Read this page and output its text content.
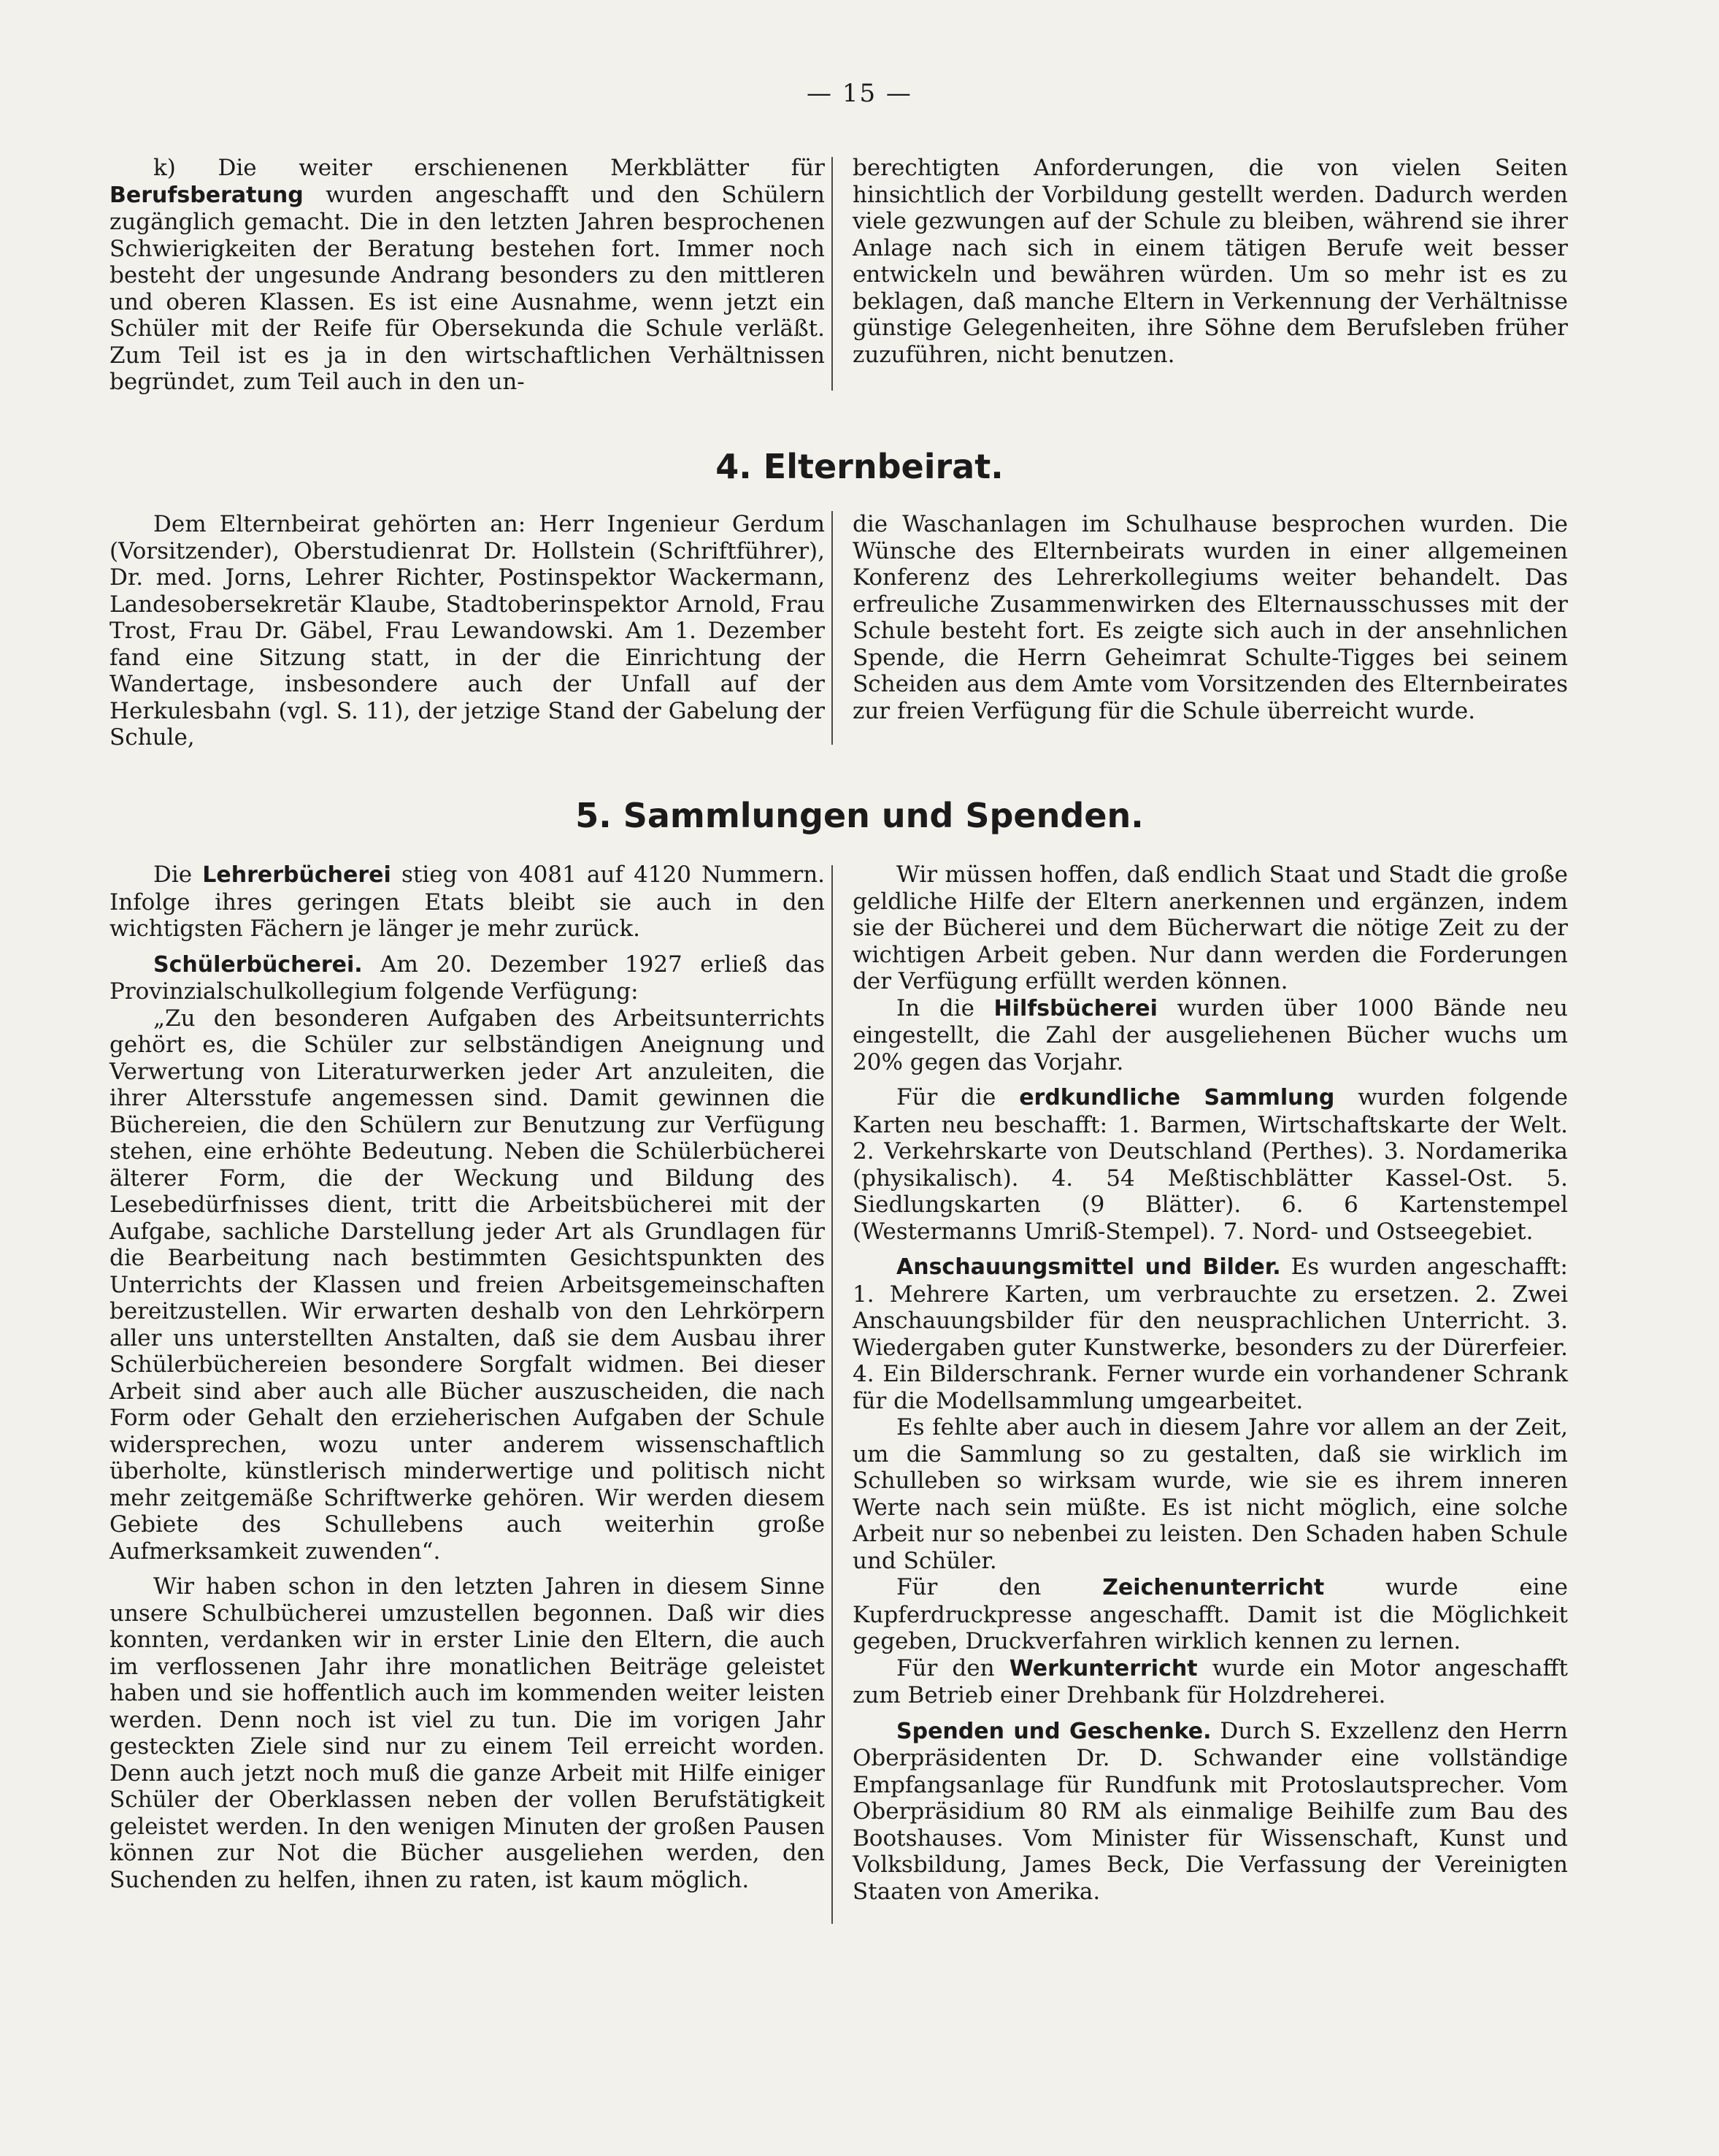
— 15 —

k) Die weiter erschienenen Merkblätter für Berufsberatung wurden angeschafft und den Schülern zugänglich gemacht. Die in den letzten Jahren besprochenen Schwierigkeiten der Beratung bestehen fort. Immer noch besteht der ungesunde Andrang besonders zu den mittleren und oberen Klassen. Es ist eine Ausnahme, wenn jetzt ein Schüler mit der Reife für Obersekunda die Schule verläßt. Zum Teil ist es ja in den wirtschaftlichen Verhältnissen begründet, zum Teil auch in den un-

berechtigten Anforderungen, die von vielen Seiten hinsichtlich der Vorbildung gestellt werden. Dadurch werden viele gezwungen auf der Schule zu bleiben, während sie ihrer Anlage nach sich in einem tätigen Berufe weit besser entwickeln und bewähren würden. Um so mehr ist es zu beklagen, daß manche Eltern in Verkennung der Verhältnisse günstige Gelegenheiten, ihre Söhne dem Berufsleben früher zuzuführen, nicht benutzen.

4. Elternbeirat.

Dem Elternbeirat gehörten an: Herr Ingenieur Gerdum (Vorsitzender), Oberstudienrat Dr. Hollstein (Schriftführer), Dr. med. Jorns, Lehrer Richter, Postinspektor Wackermann, Landesobersekretär Klaube, Stadtoberinspektor Arnold, Frau Trost, Frau Dr. Gäbel, Frau Lewandowski. Am 1. Dezember fand eine Sitzung statt, in der die Einrichtung der Wandertage, insbesondere auch der Unfall auf der Herkulesbahn (vgl. S. 11), der jetzige Stand der Gabelung der Schule,

die Waschanlagen im Schulhause besprochen wurden. Die Wünsche des Elternbeirats wurden in einer allgemeinen Konferenz des Lehrerkollegiums weiter behandelt. Das erfreuliche Zusammenwirken des Elternausschusses mit der Schule besteht fort. Es zeigte sich auch in der ansehnlichen Spende, die Herrn Geheimrat Schulte-Tigges bei seinem Scheiden aus dem Amte vom Vorsitzenden des Elternbeirates zur freien Verfügung für die Schule überreicht wurde.

5. Sammlungen und Spenden.

Die Lehrerbücherei stieg von 4081 auf 4120 Nummern. Infolge ihres geringen Etats bleibt sie auch in den wichtigsten Fächern je länger je mehr zurück.

Schülerbücherei. Am 20. Dezember 1927 erließ das Provinzialschulkollegium folgende Verfügung:

„Zu den besonderen Aufgaben des Arbeitsunterrichts gehört es, die Schüler zur selbständigen Aneignung und Verwertung von Literaturwerken jeder Art anzuleiten, die ihrer Altersstufe angemessen sind. Damit gewinnen die Büchereien, die den Schülern zur Benutzung zur Verfügung stehen, eine erhöhte Bedeutung. Neben die Schülerbücherei älterer Form, die der Weckung und Bildung des Lesebedürfnisses dient, tritt die Arbeitsbücherei mit der Aufgabe, sachliche Darstellung jeder Art als Grundlagen für die Bearbeitung nach bestimmten Gesichtspunkten des Unterrichts der Klassen und freien Arbeitsgemeinschaften bereitzustellen. Wir erwarten deshalb von den Lehrkörpern aller uns unterstellten Anstalten, daß sie dem Ausbau ihrer Schülerbüchereien besondere Sorgfalt widmen. Bei dieser Arbeit sind aber auch alle Bücher auszuscheiden, die nach Form oder Gehalt den erzieherischen Aufgaben der Schule widersprechen, wozu unter anderem wissenschaftlich überholte, künstlerisch minderwertige und politisch nicht mehr zeitgemäße Schriftwerke gehören. Wir werden diesem Gebiete des Schullebens auch weiterhin große Aufmerksamkeit zuwenden“.

Wir haben schon in den letzten Jahren in diesem Sinne unsere Schulbücherei umzustellen begonnen. Daß wir dies konnten, verdanken wir in erster Linie den Eltern, die auch im verflossenen Jahr ihre monatlichen Beiträge geleistet haben und sie hoffentlich auch im kommenden weiter leisten werden. Denn noch ist viel zu tun. Die im vorigen Jahr gesteckten Ziele sind nur zu einem Teil erreicht worden. Denn auch jetzt noch muß die ganze Arbeit mit Hilfe einiger Schüler der Oberklassen neben der vollen Berufstätigkeit geleistet werden. In den wenigen Minuten der großen Pausen können zur Not die Bücher ausgeliehen werden, den Suchenden zu helfen, ihnen zu raten, ist kaum möglich.

Wir müssen hoffen, daß endlich Staat und Stadt die große geldliche Hilfe der Eltern anerkennen und ergänzen, indem sie der Bücherei und dem Bücherwart die nötige Zeit zu der wichtigen Arbeit geben. Nur dann werden die Forderungen der Verfügung erfüllt werden können.

In die Hilfsbücherei wurden über 1000 Bände neu eingestellt, die Zahl der ausgeliehenen Bücher wuchs um 20% gegen das Vorjahr.

Für die erdkundliche Sammlung wurden folgende Karten neu beschafft: 1. Barmen, Wirtschaftskarte der Welt. 2. Verkehrskarte von Deutschland (Perthes). 3. Nordamerika (physikalisch). 4. 54 Meßtischblätter Kassel-Ost. 5. Siedlungskarten (9 Blätter). 6. 6 Kartenstempel (Westermanns Umriß-Stempel). 7. Nord- und Ostseegebiet.

Anschauungsmittel und Bilder. Es wurden angeschafft: 1. Mehrere Karten, um verbrauchte zu ersetzen. 2. Zwei Anschauungsbilder für den neusprachlichen Unterricht. 3. Wiedergaben guter Kunstwerke, besonders zu der Dürerfeier. 4. Ein Bilderschrank. Ferner wurde ein vorhandener Schrank für die Modellsammlung umgearbeitet.

Es fehlte aber auch in diesem Jahre vor allem an der Zeit, um die Sammlung so zu gestalten, daß sie wirklich im Schulleben so wirksam wurde, wie sie es ihrem inneren Werte nach sein müßte. Es ist nicht möglich, eine solche Arbeit nur so nebenbei zu leisten. Den Schaden haben Schule und Schüler.

Für den Zeichenunterricht wurde eine Kupferdruckpresse angeschafft. Damit ist die Möglichkeit gegeben, Druckverfahren wirklich kennen zu lernen.

Für den Werkunterricht wurde ein Motor angeschafft zum Betrieb einer Drehbank für Holzdreherei.

Spenden und Geschenke. Durch S. Exzellenz den Herrn Oberpräsidenten Dr. D. Schwander eine vollständige Empfangsanlage für Rundfunk mit Protoslautsprecher. Vom Oberpräsidium 80 RM als einmalige Beihilfe zum Bau des Bootshauses. Vom Minister für Wissenschaft, Kunst und Volksbildung, James Beck, Die Verfassung der Vereinigten Staaten von Amerika.
